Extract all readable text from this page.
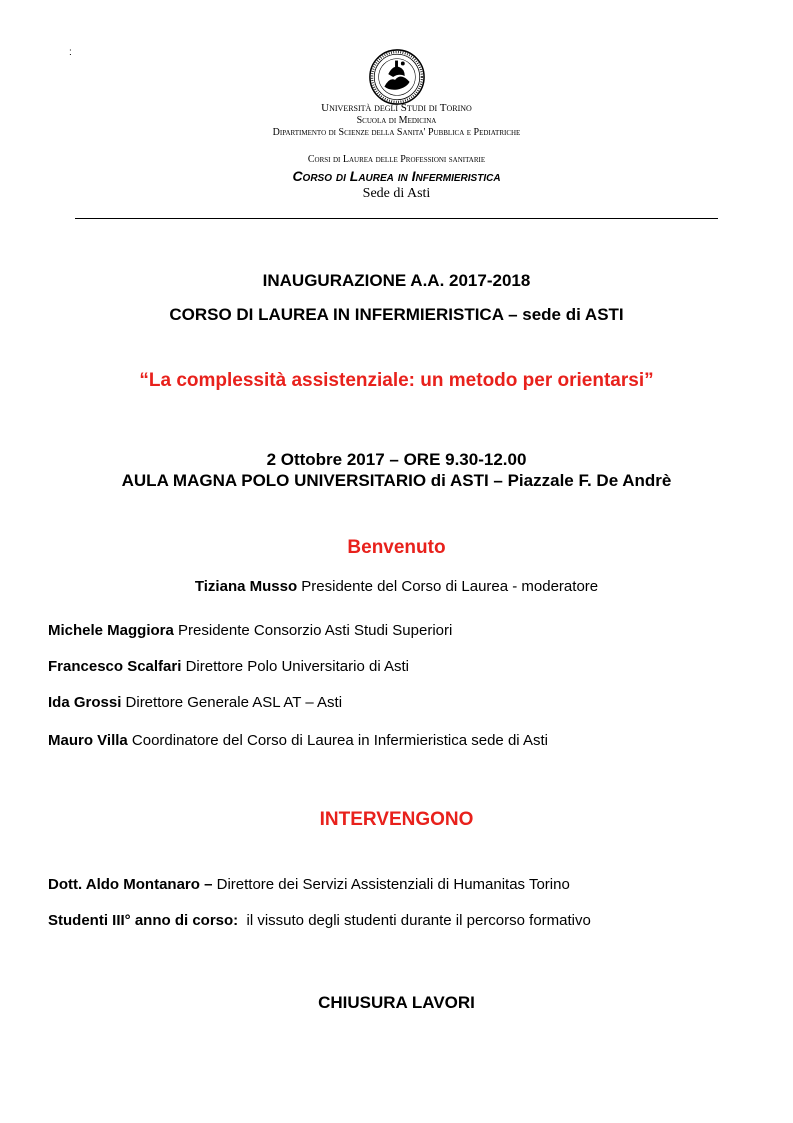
:
Università degli Studi di Torino
Scuola di Medicina
Dipartimento di Scienze della Sanita' Pubblica e Pediatriche
Corsi di Laurea delle Professioni sanitarie
Corso di Laurea in Infermieristica
Sede di Asti
INAUGURAZIONE A.A. 2017-2018
CORSO DI LAUREA IN INFERMIERISTICA – sede di ASTI
“La complessità assistenziale: un metodo per orientarsi”
2 Ottobre 2017 – ORE 9.30-12.00
AULA MAGNA POLO UNIVERSITARIO di ASTI – Piazzale F. De Andrè
Benvenuto
Tiziana Musso Presidente del Corso di Laurea - moderatore
Michele Maggiora Presidente Consorzio Asti Studi Superiori
Francesco Scalfari Direttore Polo Universitario di Asti
Ida Grossi Direttore Generale ASL AT – Asti
Mauro Villa Coordinatore del Corso di Laurea in Infermieristica sede di Asti
INTERVENGONO
Dott. Aldo Montanaro – Direttore dei Servizi Assistenziali di Humanitas Torino
Studenti III° anno di corso:  il vissuto degli studenti durante il percorso formativo
CHIUSURA LAVORI
